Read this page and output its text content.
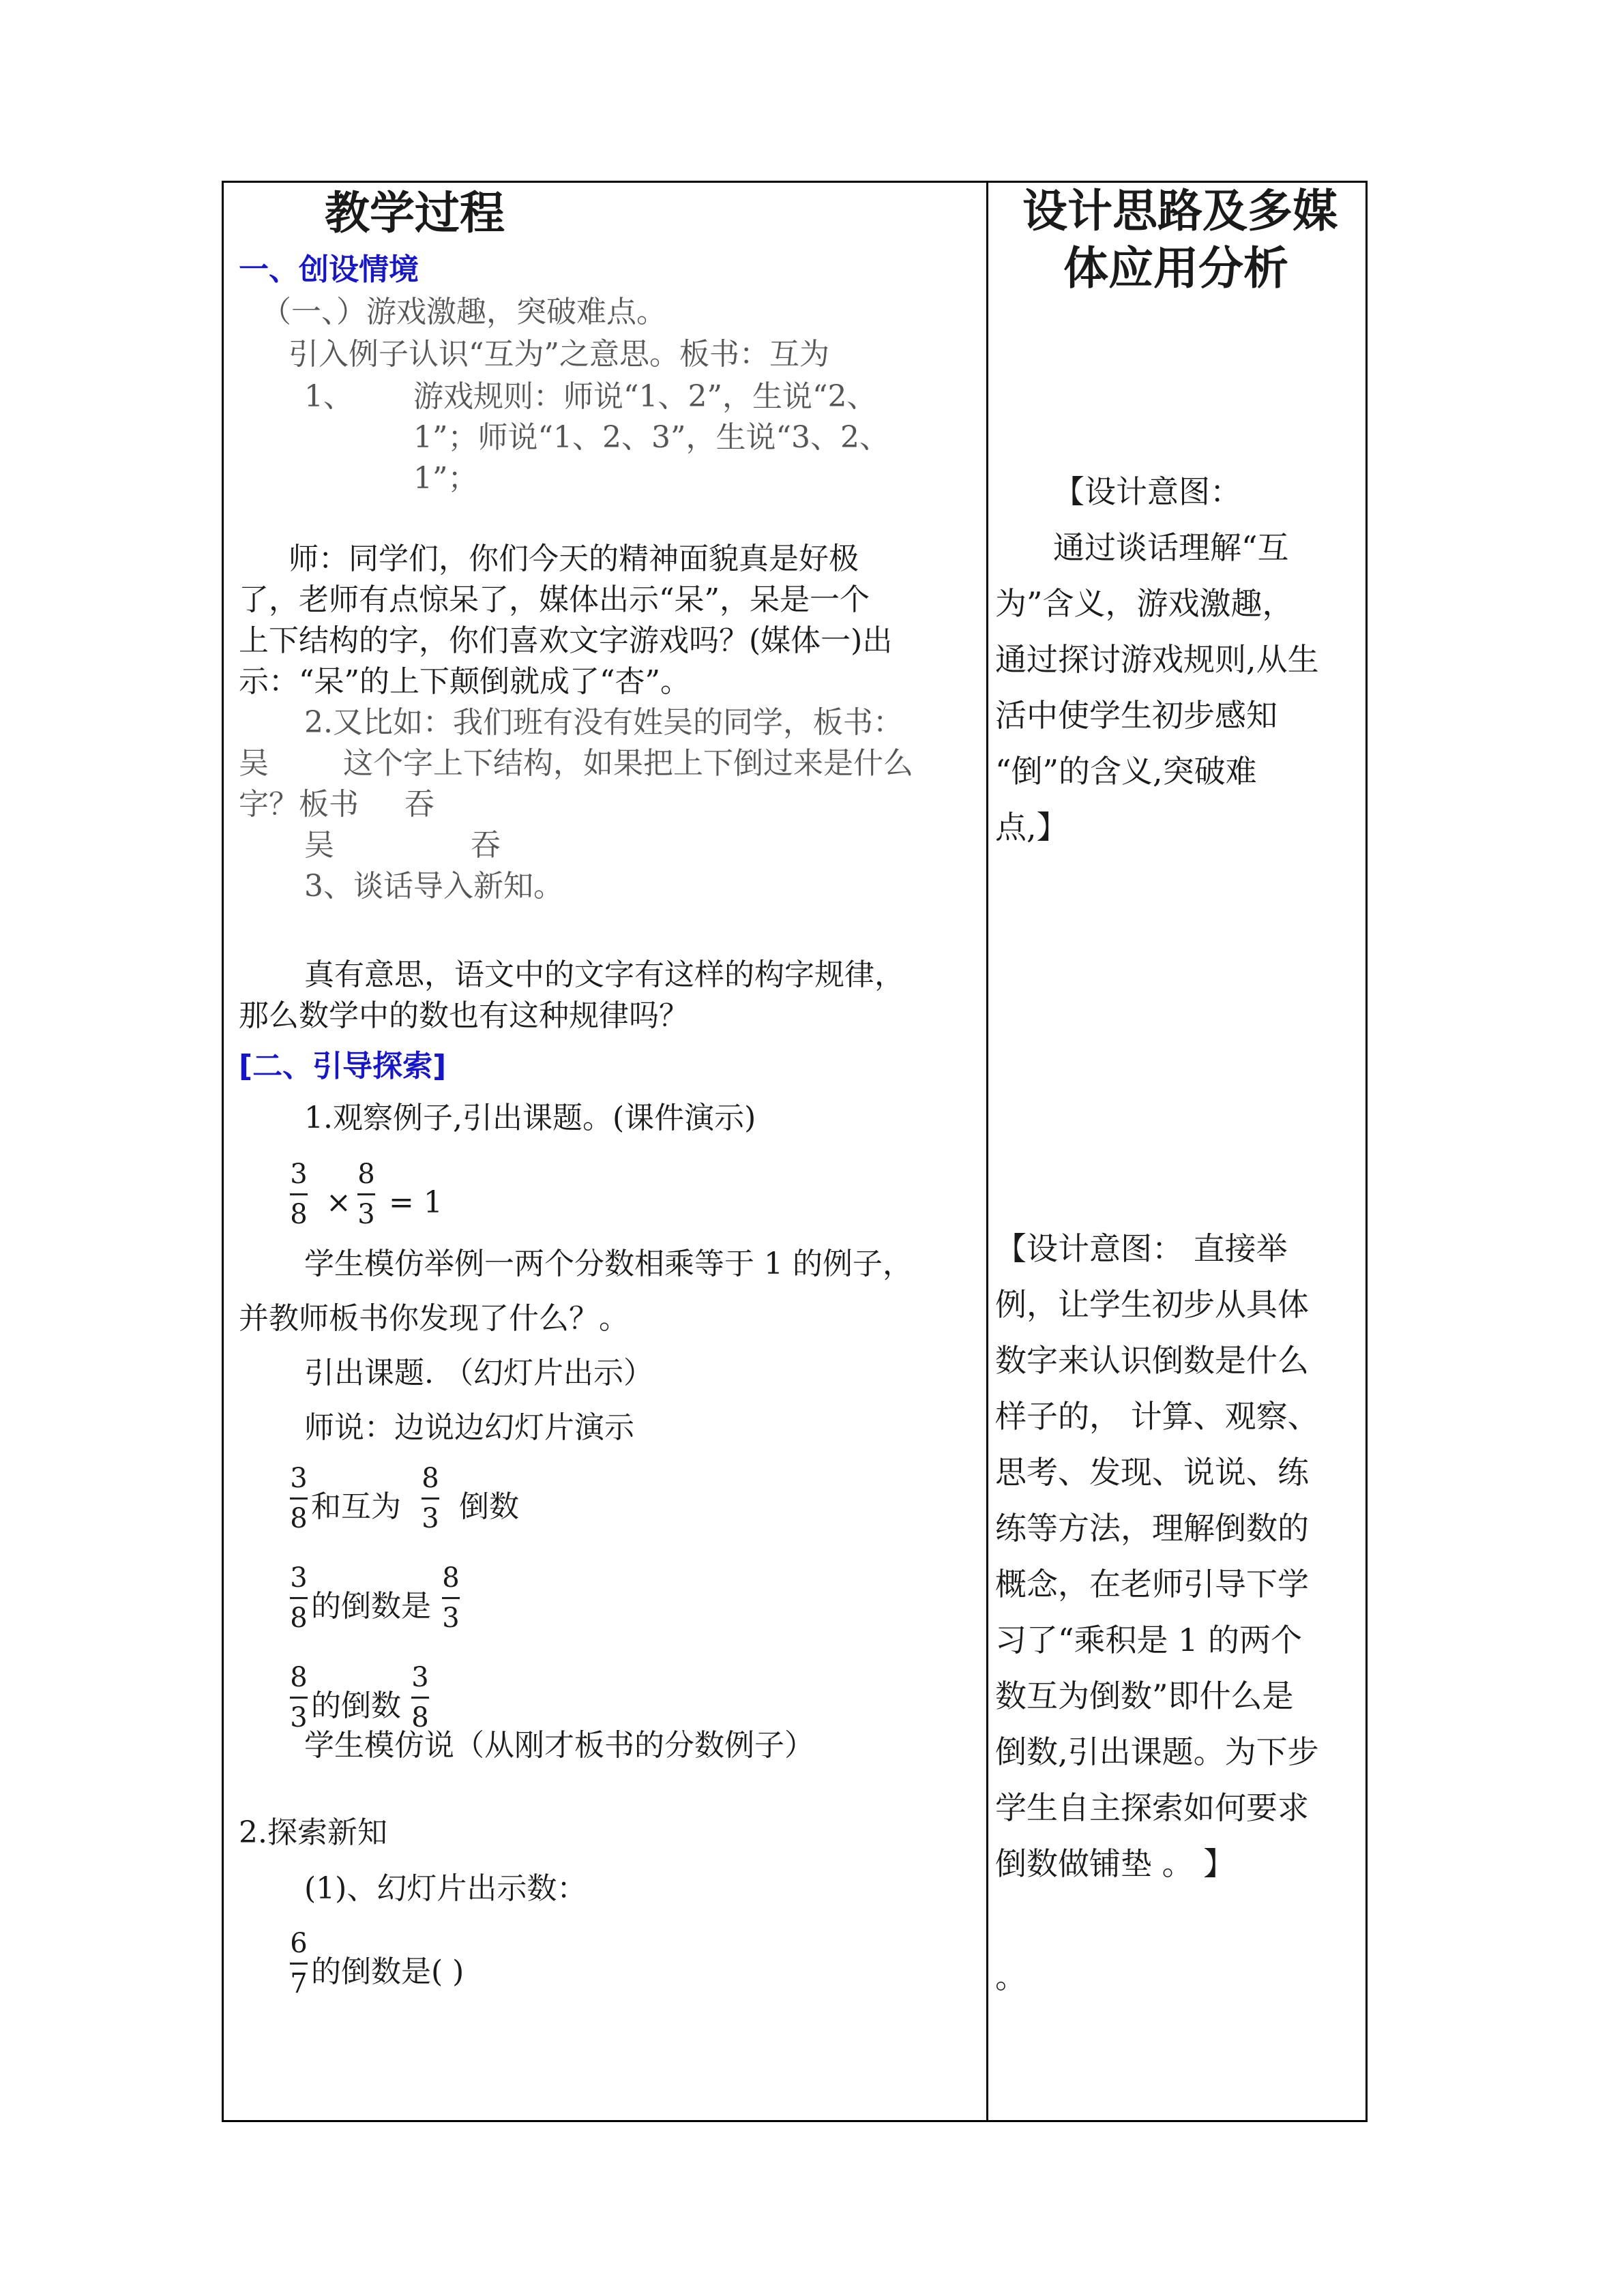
教学过程
一、创设情境
（一、）游戏激趣，突破难点。
引入例子认识“互为”之意思。板书：互为
1、 游戏规则：师说“1、2”，生说“2、
1”；师说“1、2、3”，生说“3、2、
1”；
师：同学们，你们今天的精神面貌真是好极
了，老师有点惊呆了，媒体出示“呆”，呆是一个
上下结构的字，你们喜欢文字游戏吗？(媒体一)出
示：“呆”的上下颠倒就成了“杏”。
2.又比如：我们班有没有姓吴的同学，板书：
吴 这个字上下结构，如果把上下倒过来是什么
字？板书 吞
吴	吞
3、谈话导入新知。
真有意思，语文中的文字有这样的构字规律，
那么数学中的数也有这种规律吗？
[二、引导探索]
1.观察例子,引出课题。(课件演示)
3
8 ×
8
3 = 1
学生模仿举例一两个分数相乘等于 1 的例子，
并教师板书你发现了什么？。
引出课题. （幻灯片出示）
师说：边说边幻灯片演示
3
8 和互为
8
3 倒数
3
8 的倒数是
8
3
8
3 的倒数
3
8
学生模仿说（从刚才板书的分数例子）
2.探索新知
(1)、幻灯片出示数：
6
7 的倒数是( )
设计思路及多媒
体应用分析
【设计意图：
通过谈话理解“互
为”含义，游戏激趣，
通过探讨游戏规则,从生
活中使学生初步感知
“倒”的含义,突破难
点,】
【设计意图： 直接举
例，让学生初步从具体
数字来认识倒数是什么
样子的， 计算、观察、
思考、发现、说说、练
练等方法，理解倒数的
概念，在老师引导下学
习了“乘积是 1 的两个
数互为倒数”即什么是
倒数,引出课题。为下步
学生自主探索如何要求
倒数做铺垫 。 】
。
